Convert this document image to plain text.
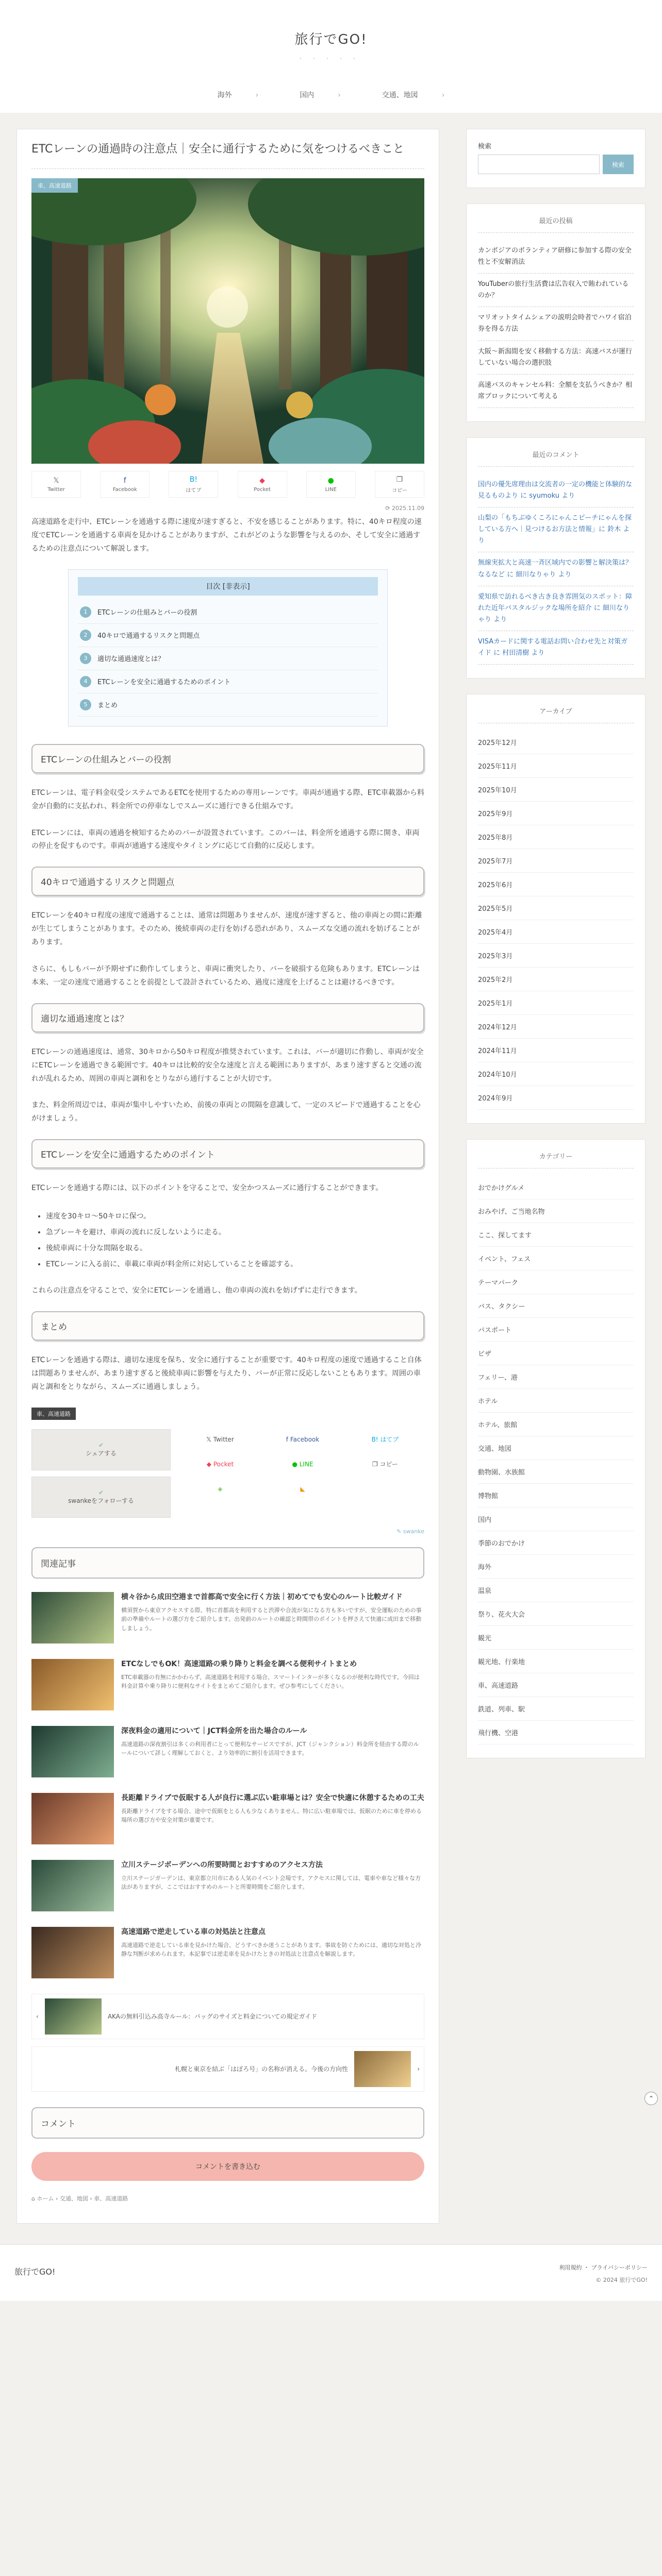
旅行でGO!
・・・・・
海外	›	国内	›	交通、地図	›
ETCレーンの通過時の注意点｜安全に通行するために気をつけるべきこと
車、高速道路
𝕏
Twitter
f
Facebook
B!
はてブ
◆
Pocket
●
LINE
❐
コピー
⟳ 2025.11.09

高速道路を走行中、ETCレーンを通過する際に速度が速すぎると、不安を感じることがあります。特に、40キロ程度の速度でETCレーンを通過する車両を見かけることがありますが、これがどのような影響を与えるのか、そして安全に通過するための注意点について解説します。

目次 [非表示]
1	ETCレーンの仕組みとバーの役割
2	40キロで通過するリスクと問題点
3	適切な通過速度とは？
4	ETCレーンを安全に通過するためのポイント
5	まとめ
ETCレーンの仕組みとバーの役割

ETCレーンは、電子料金収受システムであるETCを使用するための専用レーンです。車両が通過する際、ETC車載器から料金が自動的に支払われ、料金所での停車なしでスムーズに通行できる仕組みです。

ETCレーンには、車両の通過を検知するためのバーが設置されています。このバーは、料金所を通過する際に開き、車両の停止を促すものです。車両が通過する速度やタイミングに応じて自動的に反応します。

40キロで通過するリスクと問題点

ETCレーンを40キロ程度の速度で通過することは、通常は問題ありませんが、速度が速すぎると、他の車両との間に距離が生じてしまうことがあります。そのため、後続車両の走行を妨げる恐れがあり、スムーズな交通の流れを妨げることがあります。

さらに、もしもバーが予期せずに動作してしまうと、車両に衝突したり、バーを破損する危険もあります。ETCレーンは本来、一定の速度で通過することを前提として設計されているため、過度に速度を上げることは避けるべきです。

適切な通過速度とは？

ETCレーンの通過速度は、通常、30キロから50キロ程度が推奨されています。これは、バーが適切に作動し、車両が安全にETCレーンを通過できる範囲です。40キロは比較的安全な速度と言える範囲にありますが、あまり速すぎると交通の流れが乱れるため、周囲の車両と調和をとりながら通行することが大切です。

また、料金所周辺では、車両が集中しやすいため、前後の車両との間隔を意識して、一定のスピードで通過することを心がけましょう。

ETCレーンを安全に通過するためのポイント

ETCレーンを通過する際には、以下のポイントを守ることで、安全かつスムーズに通行することができます。

• 速度を30キロ〜50キロに保つ。
• 急ブレーキを避け、車両の流れに反しないように走る。
• 後続車両に十分な間隔を取る。
• ETCレーンに入る前に、車載に車両が料金所に対応していることを確認する。

これらの注意点を守ることで、安全にETCレーンを通過し、他の車両の流れを妨げずに走行できます。

まとめ

ETCレーンを通過する際は、適切な速度を保ち、安全に通行することが重要です。40キロ程度の速度で通過すること自体は問題ありませんが、あまり速すぎると後続車両に影響を与えたり、バーが正常に反応しないこともあります。周囲の車両と調和をとりながら、スムーズに通過しましょう。

車、高速道路
✔
シェアする
✔
swankeをフォローする
𝕏 Twitter	f Facebook	B! はてブ
◆ Pocket	● LINE	❐ コピー
◈	◣
✎ swanke
関連記事
横々谷から成田空港まで首都高で安全に行く方法｜初めてでも安心のルート比較ガイド
横須賀から東京アクセスする際、特に首都高を利用すると渋滞や合流が気になる方も多いですが、安全運転のための事前の準備やルートの選び方をご紹介します。出発前のルートの確認と時間帯のポイントを押さえて快適に成田まで移動しましょう。
ETCなしでもOK！高速道路の乗り降りと料金を調べる便利サイトまとめ
ETC車載器の有無にかかわらず、高速道路を利用する場合、スマートインターが多くなるのが便利な時代です。今回は料金計算や乗り降りに便利なサイトをまとめてご紹介します。ぜひ参考にしてください。
深夜料金の適用について｜JCT料金所を出た場合のルール
高速道路の深夜割引は多くの利用者にとって便利なサービスですが、JCT（ジャンクション）料金所を経由する際のルールについて詳しく理解しておくと、より効率的に割引を活用できます。
長距離ドライブで仮眠する人が良行に選ぶ広い駐車場とは？安全で快適に休憩するための工夫
長距離ドライブをする場合、途中で仮眠をとる人も少なくありません。特に広い駐車場では、仮眠のために車を停める場所の選び方や安全対策が重要です。
立川ステージボーデンへの所要時間とおすすめのアクセス方法
立川ステージガーデンは、東京都立川市にある人気のイベント会場です。アクセスに関しては、電車や車など様々な方法がありますが、ここではおすすめのルートと所要時間をご紹介します。
高速道路で逆走している車の対処法と注意点
高速道路で逆走している車を見かけた場合、どうすべきか迷うことがあります。事故を防ぐためには、適切な対処と冷静な判断が求められます。本記事では逆走車を見かけたときの対処法と注意点を解説します。
‹	AKAの無料引込み高寺ルール：バッグのサイズと料金についての規定ガイド
札幌と東京を結ぶ「はぼろ号」の名称が消える。今後の方向性	›
コメント
コメントを書き込む
⌂ ホーム › 交通、地図 › 車、高速道路
検索
検索
最近の投稿
カンボジアのボランティア研修に参加する際の安全性と不安解消法
YouTuberの旅行生活費は広告収入で賄われているのか？
マリオットタイムシェアの説明会時者でハワイ宿泊券を得る方法
大阪〜新潟間を安く移動する方法：高速バスが運行していない場合の選択肢
高速バスのキャンセル料：全額を支払うべきか？相席ブロックについて考える
最近のコメント
国内の優先席理由は交流者の一定の機能と体験的な見るものより に syumoku より
山梨の「もちぶゆくころにゃんこピーチにゃんを探している方へ｜見つけるお方法と情報」に 鈴木 より
無線実拡大と高速一斉区域内での影響と解決策は？なるなど に 細川なりゃり より
愛知県で訪れるべき古き良き雰囲気のスポット：障れた近年バスタルジックな場所を紹介 に 細川なりゃり より
VISAカードに関する電話お問い合わせ先と対策ガイド に 村田清樹 より
アーカイブ
2025年12月
2025年11月
2025年10月
2025年9月
2025年8月
2025年7月
2025年6月
2025年5月
2025年4月
2025年3月
2025年2月
2025年1月
2024年12月
2024年11月
2024年10月
2024年9月
カテゴリー
おでかけグルメ
おみやげ、ご当地名物
ここ、探してます
イベント、フェス
テーマパーク
バス、タクシー
パスポート
ビザ
フェリー、港
ホテル
ホテル、旅館
交通、地図
動物園、水族館
博物館
国内
季節のおでかけ
海外
温泉
祭り、花火大会
観光
観光地、行楽地
車、高速道路
鉄道、列車、駅
飛行機、空港
⌃
旅行でGO!	利用規約 ・ プライバシーポリシー
© 2024 旅行でGO!
